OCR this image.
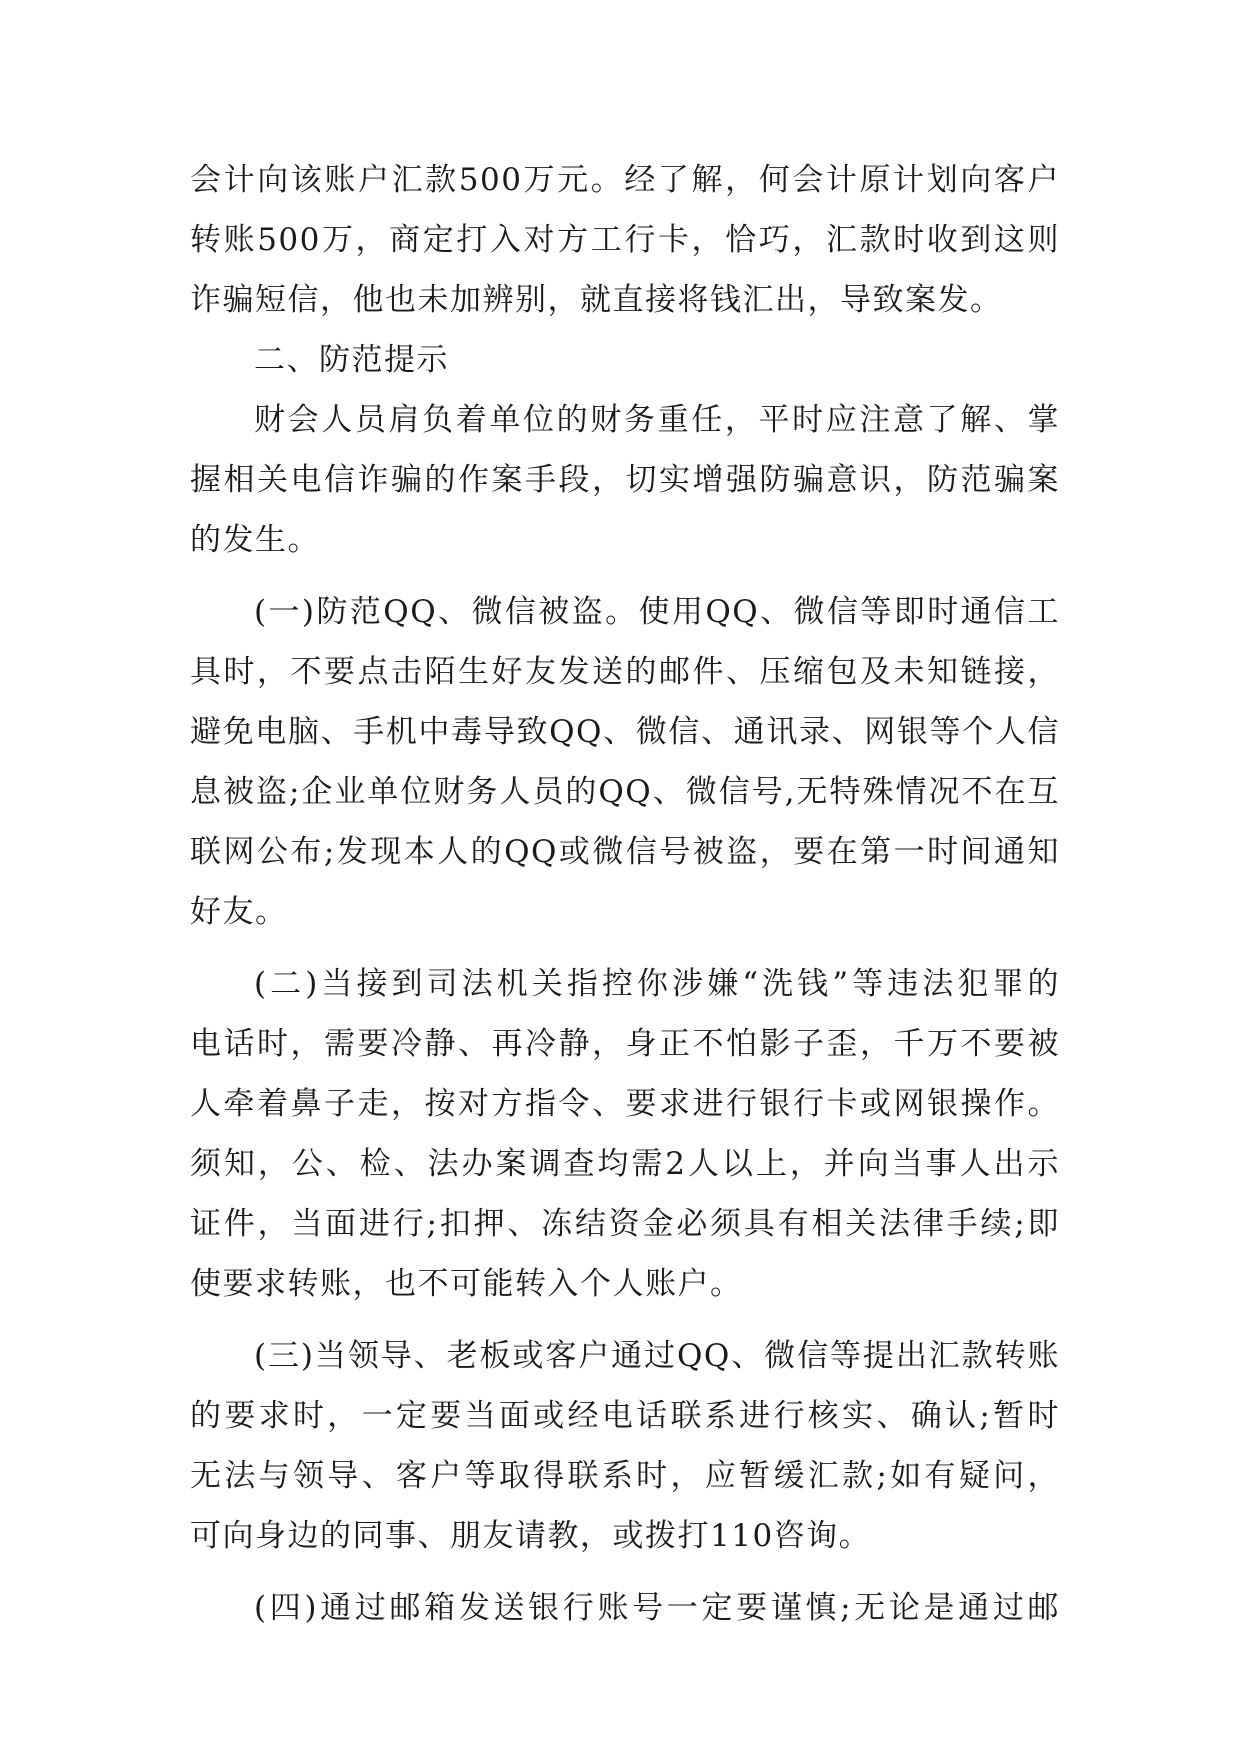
会计向该账户汇款500万元。经了解，何会计原计划向客户
转账500万，商定打入对方工行卡，恰巧，汇款时收到这则
诈骗短信，他也未加辨别，就直接将钱汇出，导致案发。
二、防范提示
财会人员肩负着单位的财务重任，平时应注意了解、掌
握相关电信诈骗的作案手段，切实增强防骗意识，防范骗案
的发生。
(一)防范QQ、微信被盗。使用QQ、微信等即时通信工
具时，不要点击陌生好友发送的邮件、压缩包及未知链接，
避免电脑、手机中毒导致QQ、微信、通讯录、网银等个人信
息被盗;企业单位财务人员的QQ、微信号,无特殊情况不在互
联网公布;发现本人的QQ或微信号被盗，要在第一时间通知
好友。
(二)当接到司法机关指控你涉嫌“洗钱”等违法犯罪的
电话时，需要冷静、再冷静，身正不怕影子歪，千万不要被
人牵着鼻子走，按对方指令、要求进行银行卡或网银操作。
须知，公、检、法办案调查均需2人以上，并向当事人出示
证件，当面进行;扣押、冻结资金必须具有相关法律手续;即
使要求转账，也不可能转入个人账户。
(三)当领导、老板或客户通过QQ、微信等提出汇款转账
的要求时，一定要当面或经电话联系进行核实、确认;暂时
无法与领导、客户等取得联系时，应暂缓汇款;如有疑问，
可向身边的同事、朋友请教，或拨打110咨询。
(四)通过邮箱发送银行账号一定要谨慎;无论是通过邮
